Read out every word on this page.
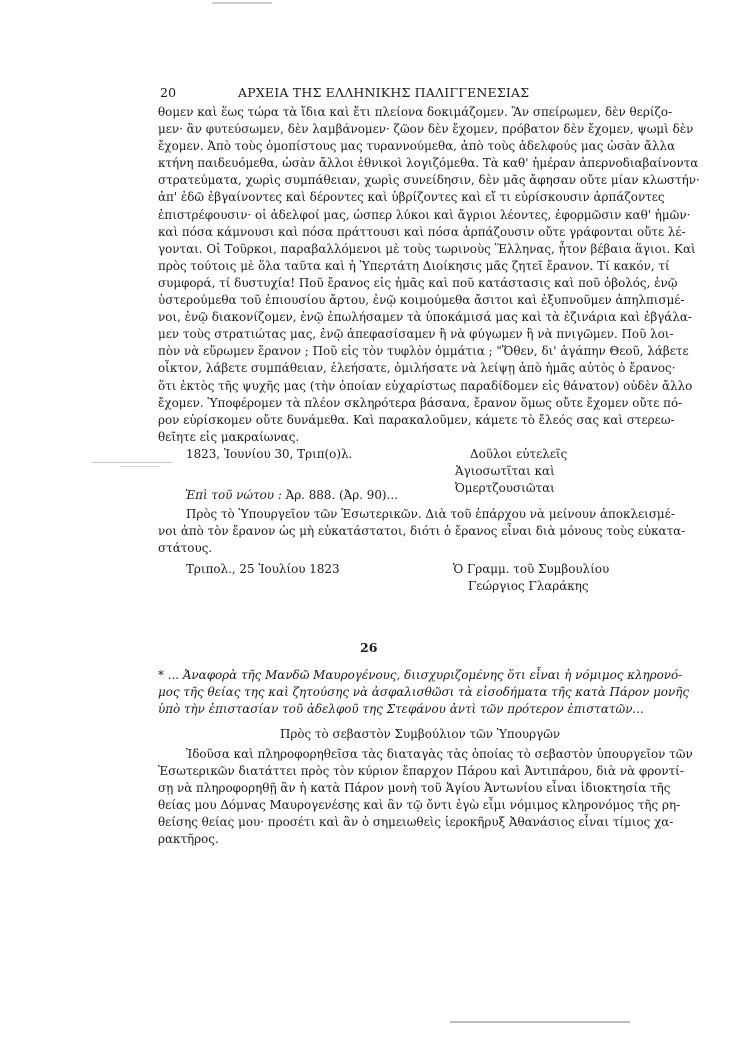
20	ΑΡΧΕΙΑ ΤΗΣ ΕΛΛΗΝΙΚΗΣ ΠΑΛΙΓΓΕΝΕΣΙΑΣ
θομεν καὶ ἕως τώρα τὰ ἴδια καὶ ἔτι πλείονα δοκιμάζομεν. Ἂν σπείρωμεν, δὲν θερίζο-
μεν· ἂν φυτεύσωμεν, δὲν λαμβάνομεν· ζῶον δὲν ἔχομεν, πρόβατον δὲν ἔχομεν, ψωμὶ δὲν
ἔχομεν. Ἀπὸ τοὺς ὁμοπίστους μας τυραννούμεθα, ἀπὸ τοὺς ἀδελφούς μας ὡσὰν ἄλλα
κτήνη παιδευόμεθα, ὡσὰν ἄλλοι ἐθνικοὶ λογιζόμεθα. Τὰ καθ' ἡμέραν ἀπερνοδιαβαίνοντα
στρατεύματα, χωρὶς συμπάθειαν, χωρὶς συνείδησιν, δὲν μᾶς ἄφησαν οὔτε μίαν κλωστήν·
ἀπ' ἐδῶ ἐβγαίνοντες καὶ δέροντες καὶ ὑβρίζοντες καὶ εἴ τι εὑρίσκουσιν ἁρπάζοντες
ἐπιστρέφουσιν· οἱ ἀδελφοί μας, ὡσπερ λύκοι καὶ ἄγριοι λέοντες, ἐφορμῶσιν καθ' ἡμῶν·
καὶ πόσα κάμνουσι καὶ πόσα πράττουσι καὶ πόσα ἁρπάζουσιν οὔτε γράφονται οὔτε λέ-
γονται. Οἱ Τοῦρκοι, παραβαλλόμενοι μὲ τοὺς τωρινοὺς Ἕλληνας, ἦτον βέβαια ἅγιοι. Καὶ
πρὸς τούτοις μὲ ὅλα ταῦτα καὶ ἡ Ὑπερτάτη Διοίκησις μᾶς ζητεῖ ἔρανον. Τί κακόν, τί
συμφορά, τί δυστυχία! Ποῦ ἔρανος εἰς ἡμᾶς καὶ ποῦ κατάστασις καὶ ποῦ ὀβολός, ἐνῷ
ὑστερούμεθα τοῦ ἐπιουσίου ἄρτου, ἐνῷ κοιμούμεθα ἄσιτοι καὶ ἐξυπνοῦμεν ἀπηλπισμέ-
νοι, ἐνῷ διακονίζομεν, ἐνῷ ἐπωλήσαμεν τὰ ὑποκάμισά μας καὶ τὰ ἐζινάρια καὶ ἐβγάλα-
μεν τοὺς στρατιώτας μας, ἐνῷ ἀπεφασίσαμεν ἢ νὰ φύγωμεν ἢ νὰ πνιγῶμεν. Ποῦ λοι-
πὸν νὰ εὕρωμεν ἔρανον ; Ποῦ εἰς τὸν τυφλὸν ὀμμάτια ; "Ὅθεν, δι' ἀγάπην Θεοῦ, λάβετε
οἶκτον, λάβετε συμπάθειαν, ἐλεήσατε, ὁμιλήσατε νὰ λείψῃ ἀπὸ ἡμᾶς αὐτὸς ὁ ἔρανος·
ὅτι ἐκτὸς τῆς ψυχῆς μας (τὴν ὁποίαν εὐχαρίστως παραδίδομεν εἰς θάνατον) οὐδὲν ἄλλο
ἔχομεν. Ὑποφέρομεν τὰ πλέον σκληρότερα βάσανα, ἔρανον ὅμως οὔτε ἔχομεν οὔτε πό-
ρον εὑρίσκομεν οὔτε δυνάμεθα. Καὶ παρακαλοῦμεν, κάμετε τὸ ἔλεός σας καὶ στερεω-
θεῖητε εἰς μακραίωνας.
1823, Ἰουνίου 30, Τριπ(ο)λ.	Δοῦλοι εὐτελεῖς
Ἁγιοσωτῖται καὶ
Ὀμερτζουσιῶται
Ἐπὶ τοῦ νώτου : Ἀρ. 888. (Ἀρ. 90)...
Πρὸς τὸ Ὑπουργεῖον τῶν Ἐσωτερικῶν. Διὰ τοῦ ἐπάρχου νὰ μείνουν ἀποκλεισμέ-
νοι ἀπὸ τὸν ἔρανον ὡς μὴ εὐκατάστατοι, διότι ὁ ἔρανος εἶναι διὰ μόνους τοὺς εὐκατα-
στάτους.
Τριπολ., 25 Ἰουλίου 1823	Ὁ Γραμμ. τοῦ Συμβουλίου
Γεώργιος Γλαράκης
26
* ... Ἀναφορὰ τῆς Μανδῶ Μαυρογένους, διισχυριζομένης ὅτι εἶναι ἡ νόμιμος κληρονό-
μος τῆς θείας της καὶ ζητούσης νὰ ἀσφαλισθῶσι τὰ εἰσοδήματα τῆς κατὰ Πάρον μονῆς
ὑπὸ τὴν ἐπιστασίαν τοῦ ἀδελφοῦ της Στεφάνου ἀντὶ τῶν πρότερον ἐπιστατῶν...
Πρὸς τὸ σεβαστὸν Συμβούλιον τῶν Ὑπουργῶν
Ἰδοῦσα καὶ πληροφορηθεῖσα τὰς διαταγὰς τὰς ὁποίας τὸ σεβαστὸν ὑπουργεῖον τῶν
Ἐσωτερικῶν διατάττει πρὸς τὸν κύριον ἔπαρχον Πάρου καὶ Ἀντιπάρου, διὰ νὰ φροντί-
σῃ νὰ πληροφορηθῇ ἂν ἡ κατὰ Πάρον μονὴ τοῦ Ἁγίου Ἀντωνίου εἶναι ἰδιοκτησία τῆς
θείας μου Δόμνας Μαυρογενέσης καὶ ἂν τῷ ὄντι ἐγὼ εἶμι νόμιμος κληρονόμος τῆς ρη-
θείσης θείας μου· προσέτι καὶ ἂν ὁ σημειωθεὶς ἱεροκῆρυξ Ἀθανάσιος εἶναι τίμιος χα-
ρακτῆρος.
